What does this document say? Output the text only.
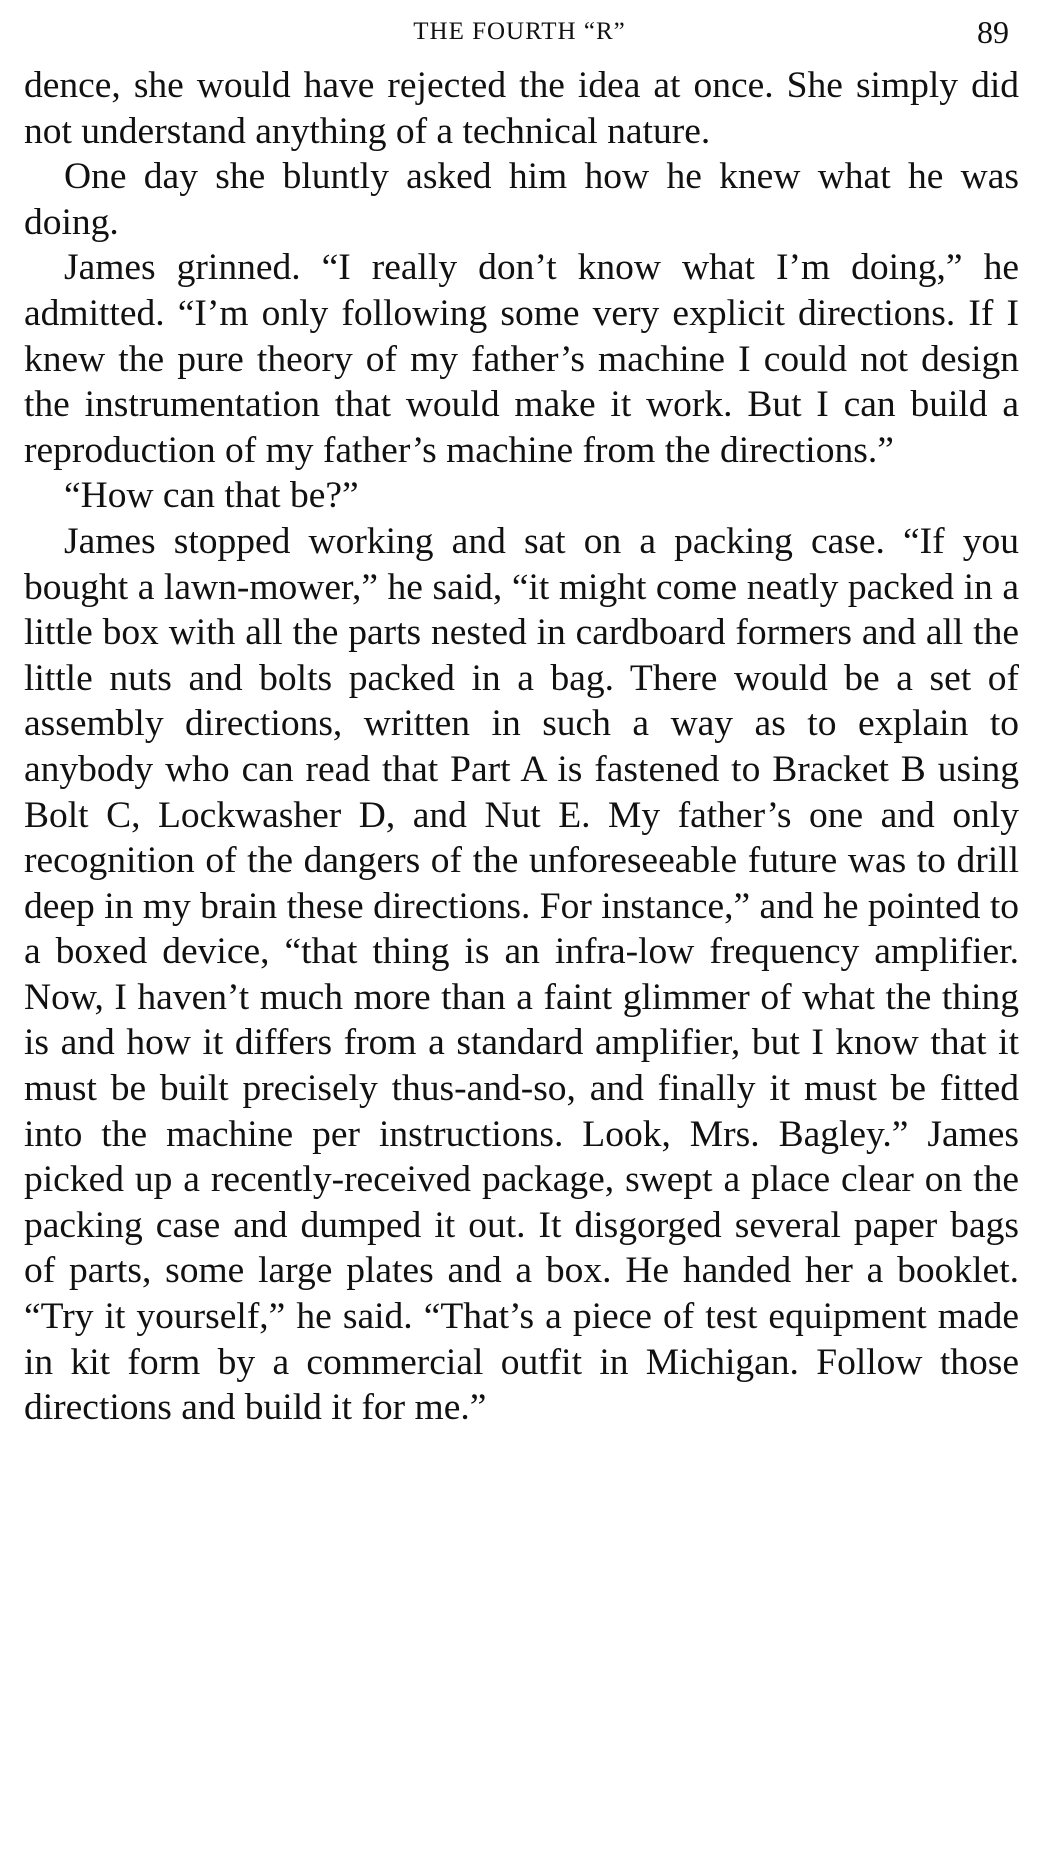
THE FOURTH “R”	89

dence, she would have rejected the idea at once. She simply did not understand anything of a technical nature.

One day she bluntly asked him how he knew what he was doing.

James grinned. “I really don’t know what I’m doing,” he admitted. “I’m only following some very explicit directions. If I knew the pure theory of my father’s machine I could not design the instrumentation that would make it work. But I can build a reproduction of my father’s machine from the directions.”

“How can that be?”

James stopped working and sat on a packing case. “If you bought a lawn-mower,” he said, “it might come neatly packed in a little box with all the parts nested in cardboard formers and all the little nuts and bolts packed in a bag. There would be a set of assembly directions, written in such a way as to explain to anybody who can read that Part A is fastened to Bracket B using Bolt C, Lockwasher D, and Nut E. My father’s one and only recognition of the dangers of the unforeseeable future was to drill deep in my brain these directions. For instance,” and he pointed to a boxed device, “that thing is an infra-low frequency amplifier. Now, I haven’t much more than a faint glimmer of what the thing is and how it differs from a standard amplifier, but I know that it must be built precisely thus-and-so, and finally it must be fitted into the machine per instructions. Look, Mrs. Bagley.” James picked up a recently-received package, swept a place clear on the packing case and dumped it out. It disgorged several paper bags of parts, some large plates and a box. He handed her a booklet. “Try it yourself,” he said. “That’s a piece of test equipment made in kit form by a commercial outfit in Michigan. Follow those directions and build it for me.”
